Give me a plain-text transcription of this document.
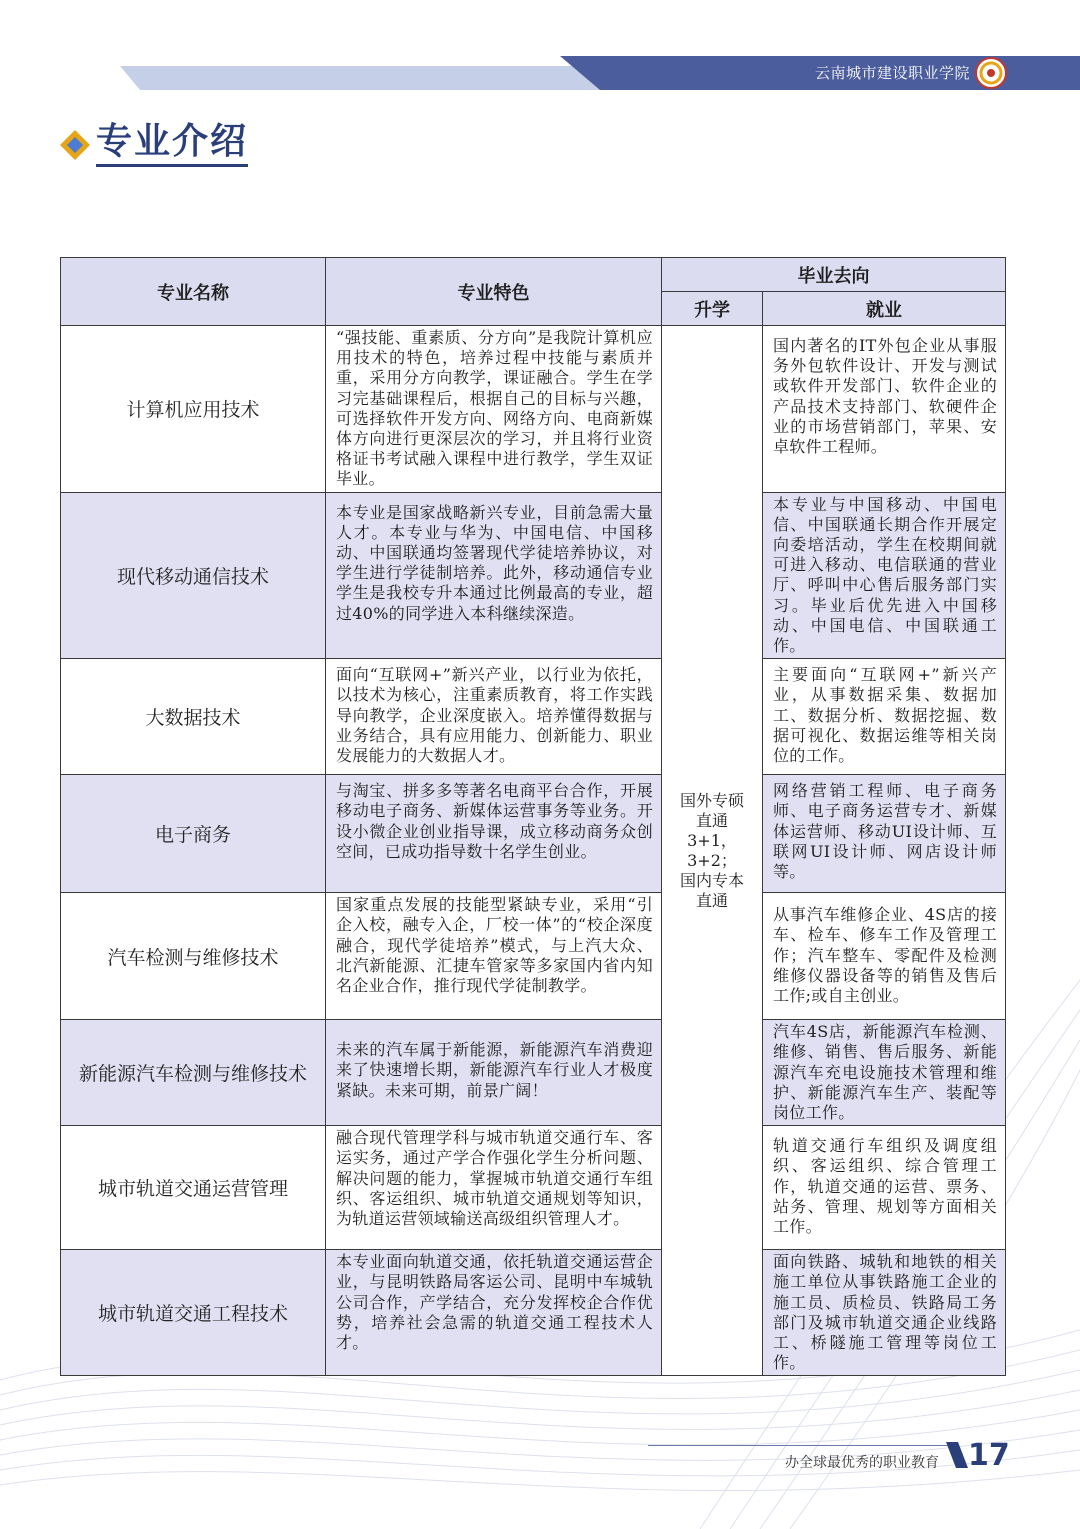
云南城市建设职业学院
专业介绍
专业名称	专业特色	毕业去向	
		升学	就业
计算机应用技术	“强技能、重素质、分方向”是我院计算机应用技术的特色，培养过程中技能与素质并重，采用分方向教学，课证融合。学生在学习完基础课程后，根据自己的目标与兴趣，可选择软件开发方向、网络方向、电商新媒体方向进行更深层次的学习，并且将行业资格证书考试融入课程中进行教学，学生双证毕业。	国外专硕
直通
3+1，3+2；
国内专本
直通	国内著名的IT外包企业从事服务外包软件设计、开发与测试或软件开发部门、软件企业的产品技术支持部门、软硬件企业的市场营销部门，苹果、安卓软件工程师。
现代移动通信技术	本专业是国家战略新兴专业，目前急需大量人才。本专业与华为、中国电信、中国移动、中国联通均签署现代学徒培养协议，对学生进行学徒制培养。此外，移动通信专业学生是我校专升本通过比例最高的专业，超过40%的同学进入本科继续深造。		本专业与中国移动、中国电信、中国联通长期合作开展定向委培活动，学生在校期间就可进入移动、电信联通的营业厅、呼叫中心售后服务部门实习。毕业后优先进入中国移动、中国电信、中国联通工作。
大数据技术	面向“互联网+”新兴产业，以行业为依托，以技术为核心，注重素质教育，将工作实践导向教学，企业深度嵌入。培养懂得数据与业务结合，具有应用能力、创新能力、职业发展能力的大数据人才。		主要面向“互联网+”新兴产业，从事数据采集、数据加工、数据分析、数据挖掘、数据可视化、数据运维等相关岗位的工作。
电子商务	与淘宝、拼多多等著名电商平台合作，开展移动电子商务、新媒体运营事务等业务。开设小微企业创业指导课，成立移动商务众创空间，已成功指导数十名学生创业。		网络营销工程师、电子商务师、电子商务运营专才、新媒体运营师、移动UI设计师、互联网UI设计师、网店设计师等。
汽车检测与维修技术	国家重点发展的技能型紧缺专业，采用“引企入校，融专入企，厂校一体”的“校企深度融合，现代学徒培养”模式，与上汽大众、北汽新能源、汇捷车管家等多家国内省内知名企业合作，推行现代学徒制教学。		从事汽车维修企业、4S店的接车、检车、修车工作及管理工作；汽车整车、零配件及检测维修仪器设备等的销售及售后工作;或自主创业。
新能源汽车检测与维修技术	未来的汽车属于新能源，新能源汽车消费迎来了快速增长期，新能源汽车行业人才极度紧缺。未来可期，前景广阔！		汽车4S店，新能源汽车检测、维修、销售、售后服务、新能源汽车充电设施技术管理和维护、新能源汽车生产、装配等岗位工作。
城市轨道交通运营管理	融合现代管理学科与城市轨道交通行车、客运实务，通过产学合作强化学生分析问题、解决问题的能力，掌握城市轨道交通行车组织、客运组织、城市轨道交通规划等知识，为轨道运营领域输送高级组织管理人才。		轨道交通行车组织及调度组织、客运组织、综合管理工作，轨道交通的运营、票务、站务、管理、规划等方面相关工作。
城市轨道交通工程技术	本专业面向轨道交通，依托轨道交通运营企业，与昆明铁路局客运公司、昆明中车城轨公司合作，产学结合，充分发挥校企合作优势，培养社会急需的轨道交通工程技术人才。		面向铁路、城轨和地铁的相关施工单位从事铁路施工企业的施工员、质检员、铁路局工务部门及城市轨道交通企业线路工、桥隧施工管理等岗位工作。
办全球最优秀的职业教育 17
